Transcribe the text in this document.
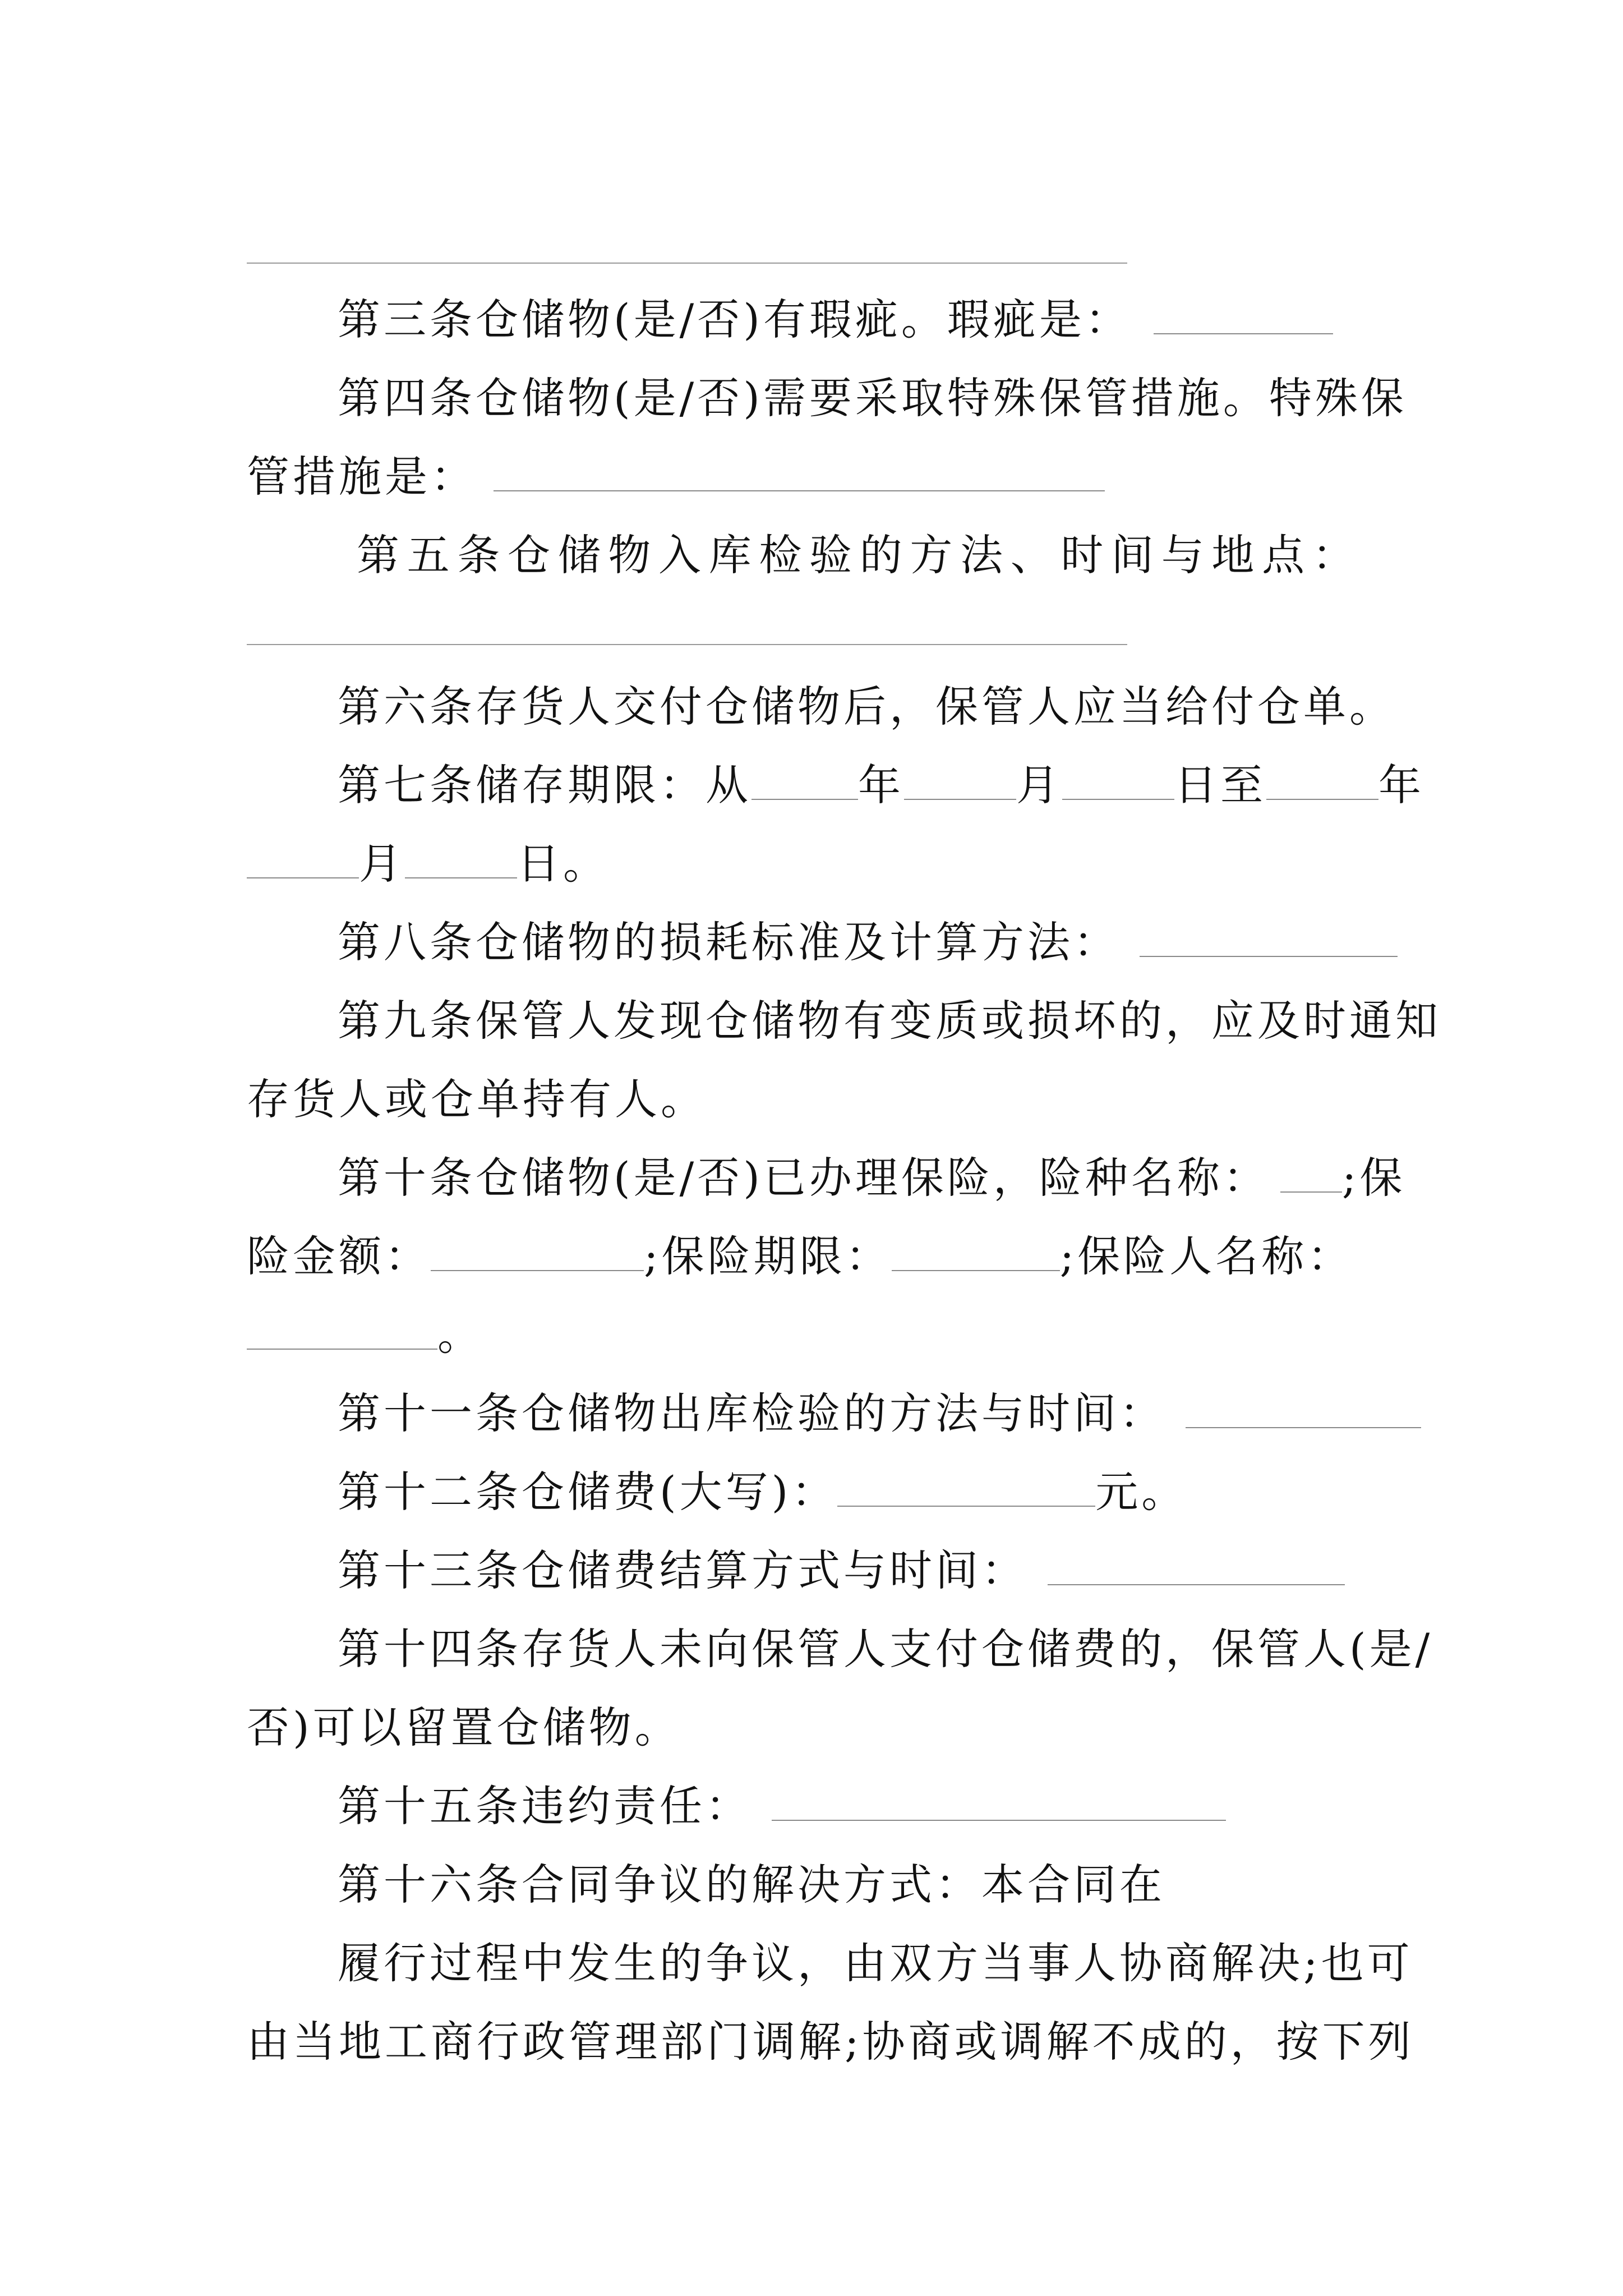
第三条仓储物(是/否)有瑕疵。瑕疵是：
第四条仓储物(是/否)需要采取特殊保管措施。特殊保
管措施是：
第 五 条 仓 储 物 入 库 检 验 的 方 法 、 时 间 与 地 点 ：
第六条存货人交付仓储物后，保管人应当给付仓单。
第七条储存期限：从	年	月	日至	年
月	日。
第八条仓储物的损耗标准及计算方法：
第九条保管人发现仓储物有变质或损坏的，应及时通知
存货人或仓单持有人。
第十条仓储物(是/否)已办理保险，险种名称： ;保
险金额：	;保险期限：	;保险人名称：
。
第十一条仓储物出库检验的方法与时间：
第十二条仓储费(大写)：	元。
第十三条仓储费结算方式与时间：
第十四条存货人未向保管人支付仓储费的，保管人(是/
否)可以留置仓储物。
第十五条违约责任：
第十六条合同争议的解决方式：本合同在
履行过程中发生的争议，由双方当事人协商解决;也可
由当地工商行政管理部门调解;协商或调解不成的，按下列
